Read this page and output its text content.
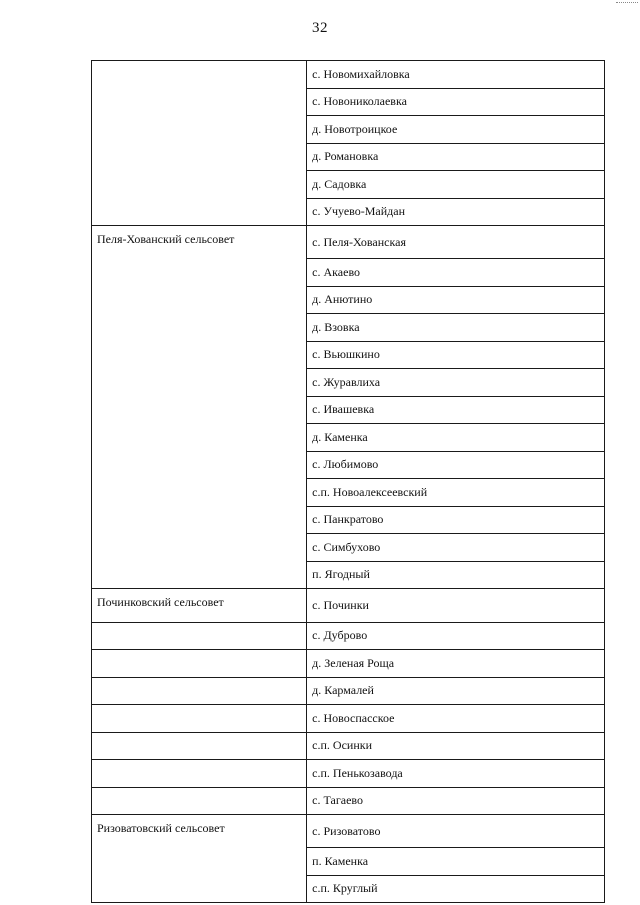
32
	с. Новомихайловка
	с. Новониколаевка
	д. Новотроицкое
	д. Романовка
	д. Садовка
	с. Учуево-Майдан
Пеля-Хованский сельсовет	с. Пеля-Хованская
	с. Акаево
	д. Анютино
	д. Взовка
	с. Вьюшкино
	с. Журавлиха
	с. Ивашевка
	д. Каменка
	с. Любимово
	с.п. Новоалексеевский
	с. Панкратово
	с. Симбухово
	п. Ягодный
Починковский сельсовет	с. Починки
	с. Дуброво
	д. Зеленая Роща
	д. Кармалей
	с. Новоспасское
	с.п. Осинки
	с.п. Пенькозавода
	с. Тагаево
Ризоватовский сельсовет	с. Ризоватово
	п. Каменка
	с.п. Круглый
